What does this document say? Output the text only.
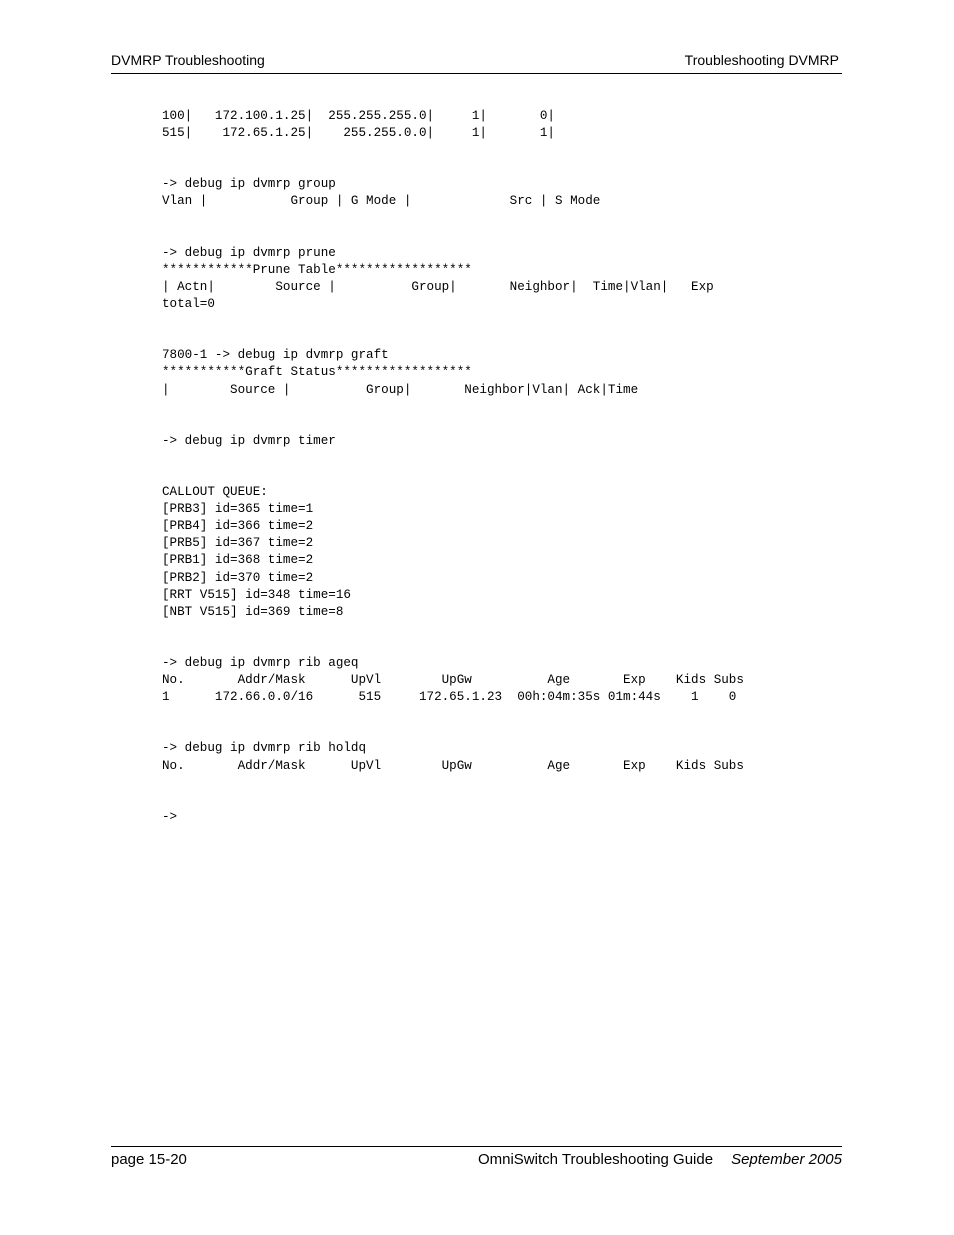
DVMRP Troubleshooting	Troubleshooting DVMRP
100|   172.100.1.25|  255.255.255.0|     1|       0|
515|    172.65.1.25|    255.255.0.0|     1|       1|
-> debug ip dvmrp group
Vlan |           Group | G Mode |             Src | S Mode
-> debug ip dvmrp prune
************Prune Table******************
| Actn|        Source |          Group|       Neighbor|  Time|Vlan|   Exp
total=0
7800-1 -> debug ip dvmrp graft
***********Graft Status******************
|        Source |          Group|       Neighbor|Vlan| Ack|Time
-> debug ip dvmrp timer
CALLOUT QUEUE:
[PRB3] id=365 time=1
[PRB4] id=366 time=2
[PRB5] id=367 time=2
[PRB1] id=368 time=2
[PRB2] id=370 time=2
[RRT V515] id=348 time=16
[NBT V515] id=369 time=8
-> debug ip dvmrp rib ageq
No.       Addr/Mask      UpVl        UpGw          Age       Exp    Kids Subs
1      172.66.0.0/16      515     172.65.1.23  00h:04m:35s 01m:44s    1    0
-> debug ip dvmrp rib holdq
No.       Addr/Mask      UpVl        UpGw          Age       Exp    Kids Subs
->
page 15-20	OmniSwitch Troubleshooting Guide September 2005
